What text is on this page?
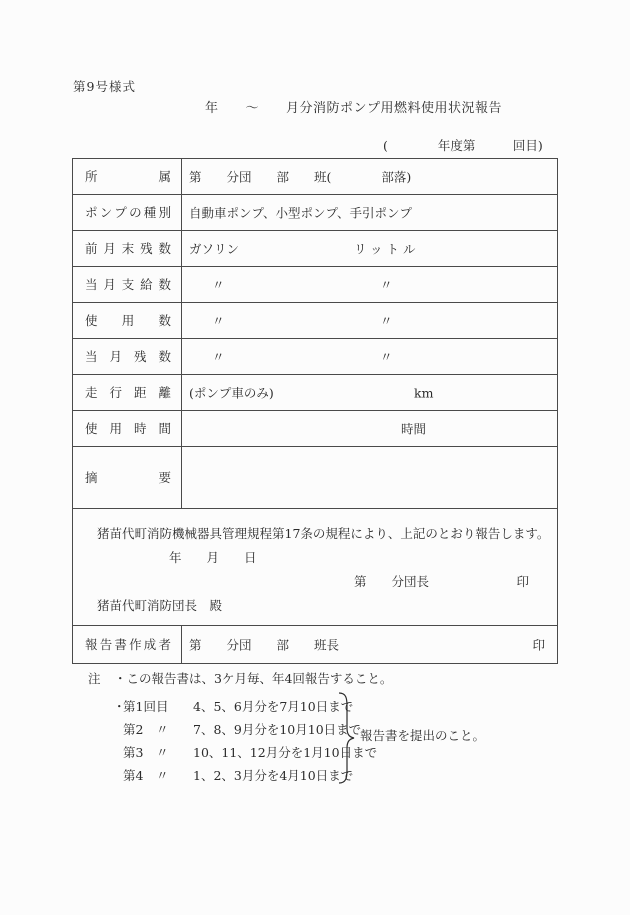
第9号様式
年　　～　　月分消防ポンプ用燃料使用状況報告
(　　　　年度第　　　回目)
所	属 第　　分団　　部　　班(　　　　部落)
ポ ン プ の 種 別 自動車ポンプ、小型ポンプ、手引ポンプ
前 月 末 残 数 ガソリン	リットル
当 月 支 給 数	〃	〃
使 用 数	〃	〃
当 月 残 数	〃	〃
走 行 距 離 (ポンプ車のみ)	km
使 用 時 間	時間
摘	要
猪苗代町消防機械器具管理規程第17条の規程により、上記のとおり報告します。
年　　月　　日
第　　分団長	印
猪苗代町消防団長　殿
報 告 書 作 成 者 第　　分団　　部　　班長	印
注 ・この報告書は、3ケ月毎、年4回報告すること。
・
第1回目	4、5、6月分を7月10日まで
第2　〃	7、8、9月分を10月10日まで
第3　〃	10、11、12月分を1月10日まで
第4　〃	1、2、3月分を4月10日まで
報告書を提出のこと。
